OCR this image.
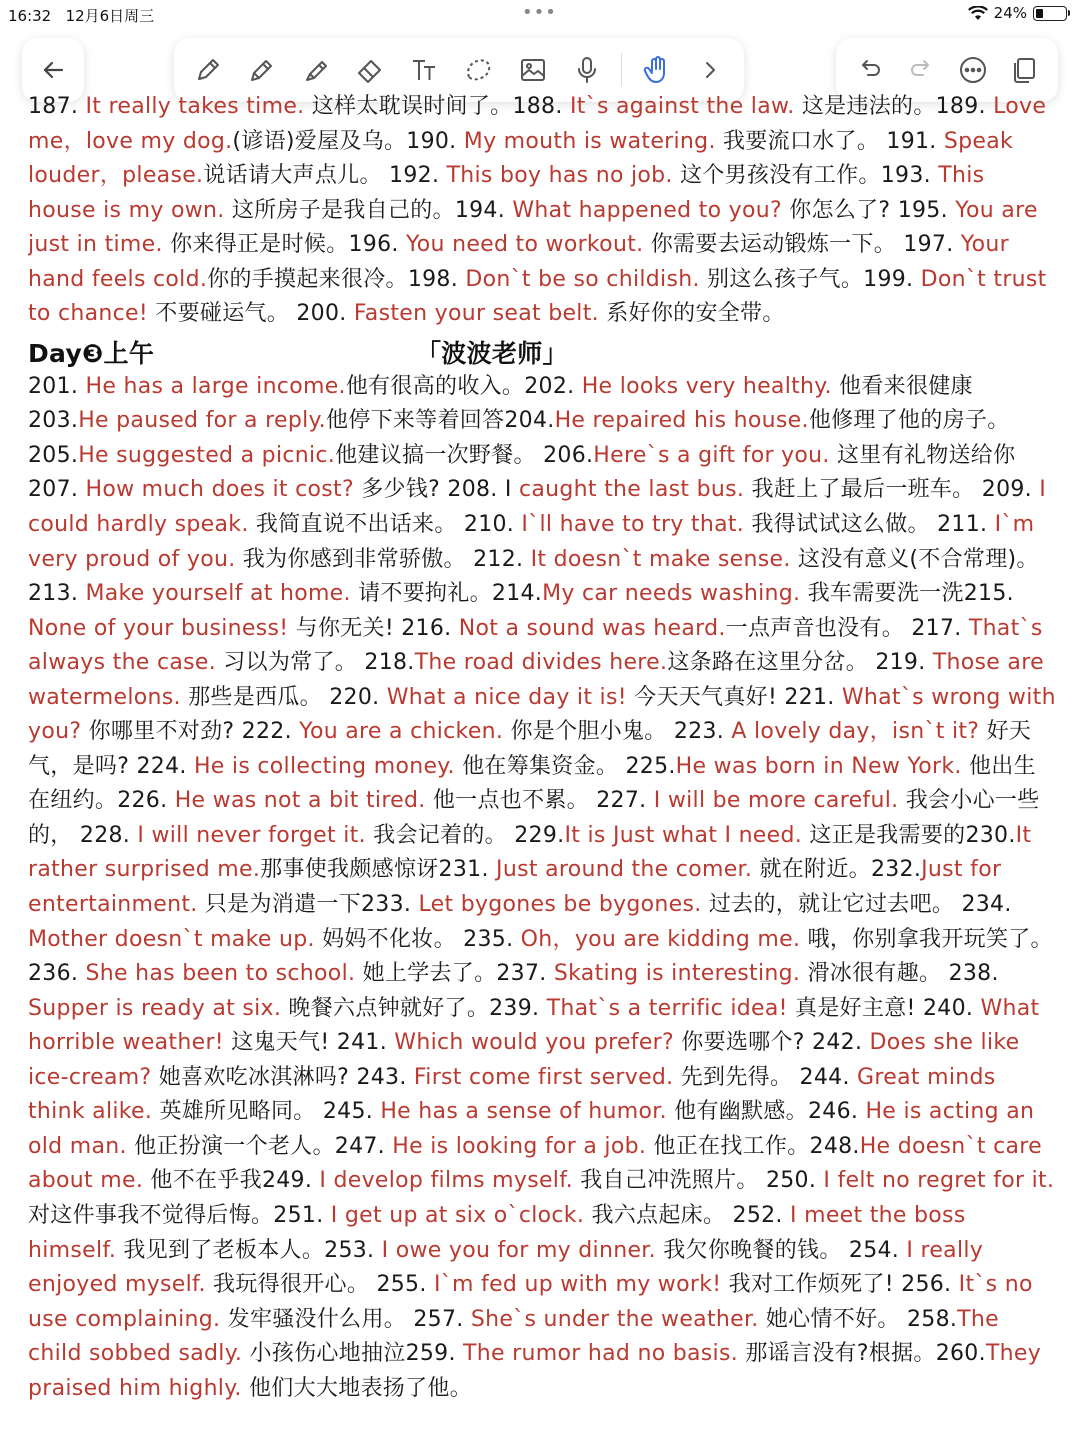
16:32 12月6日周三	•••	24%

187. It really takes time. 这样太耽误时间了。188. It`s against the law. 这是违法的。189. Love me，love my dog.(谚语)爱屋及乌。190. My mouth is watering. 我要流口水了。 191. Speak louder，please.说话请大声点儿。 192. This boy has no job. 这个男孩没有工作。193. This house is my own. 这所房子是我自己的。194. What happened to you? 你怎么了? 195. You are just in time. 你来得正是时候。196. You need to workout. 你需要去运动锻炼一下。 197. Your hand feels cold.你的手摸起来很冷。198. Don`t be so childish. 别这么孩子气。199. Don`t trust to chance! 不要碰运气。 200. Fasten your seat belt. 系好你的安全带。

Day❸上午	「波波老师」

201. He has a large income.他有很高的收入。202. He looks very healthy. 他看来很健康 203.He paused for a reply.他停下来等着回答204.He repaired his house.他修理了他的房子。 205.He suggested a picnic.他建议搞一次野餐。 206.Here`s a gift for you. 这里有礼物送给你 207. How much does it cost? 多少钱? 208. I caught the last bus. 我赶上了最后一班车。 209. I could hardly speak. 我简直说不出话来。 210. I`ll have to try that. 我得试试这么做。 211. I`m very proud of you. 我为你感到非常骄傲。 212. It doesn`t make sense. 这没有意义(不合常理)。 213. Make yourself at home. 请不要拘礼。214.My car needs washing. 我车需要洗一洗215. None of your business! 与你无关! 216. Not a sound was heard.一点声音也没有。 217. That`s always the case. 习以为常了。 218.The road divides here.这条路在这里分岔。 219. Those are watermelons. 那些是西瓜。 220. What a nice day it is! 今天天气真好! 221. What`s wrong with you? 你哪里不对劲? 222. You are a chicken. 你是个胆小鬼。 223. A lovely day，isn`t it? 好天气，是吗? 224. He is collecting money. 他在筹集资金。 225.He was born in New York. 他出生在纽约。226. He was not a bit tired. 他一点也不累。 227. I will be more careful. 我会小心一些的， 228. I will never forget it. 我会记着的。 229.It is Just what I need. 这正是我需要的230.It rather surprised me.那事使我颇感惊讶231. Just around the comer. 就在附近。232.Just for entertainment. 只是为消遣一下233. Let bygones be bygones. 过去的，就让它过去吧。 234. Mother doesn`t make up. 妈妈不化妆。 235. Oh，you are kidding me. 哦，你别拿我开玩笑了。 236. She has been to school. 她上学去了。237. Skating is interesting. 滑冰很有趣。 238. Supper is ready at six. 晚餐六点钟就好了。239. That`s a terrific idea! 真是好主意! 240. What horrible weather! 这鬼天气! 241. Which would you prefer? 你要选哪个? 242. Does she like ice-cream? 她喜欢吃冰淇淋吗? 243. First come first served. 先到先得。 244. Great minds think alike. 英雄所见略同。 245. He has a sense of humor. 他有幽默感。246. He is acting an old man. 他正扮演一个老人。247. He is looking for a job. 他正在找工作。248.He doesn`t care about me. 他不在乎我249. I develop films myself. 我自己冲洗照片。 250. I felt no regret for it. 对这件事我不觉得后悔。251. I get up at six o`clock. 我六点起床。 252. I meet the boss himself. 我见到了老板本人。253. I owe you for my dinner. 我欠你晚餐的钱。 254. I really enjoyed myself. 我玩得很开心。 255. I`m fed up with my work! 我对工作烦死了! 256. It`s no use complaining. 发牢骚没什么用。 257. She`s under the weather. 她心情不好。 258.The child sobbed sadly. 小孩伤心地抽泣259. The rumor had no basis. 那谣言没有?根据。260.They praised him highly. 他们大大地表扬了他。
